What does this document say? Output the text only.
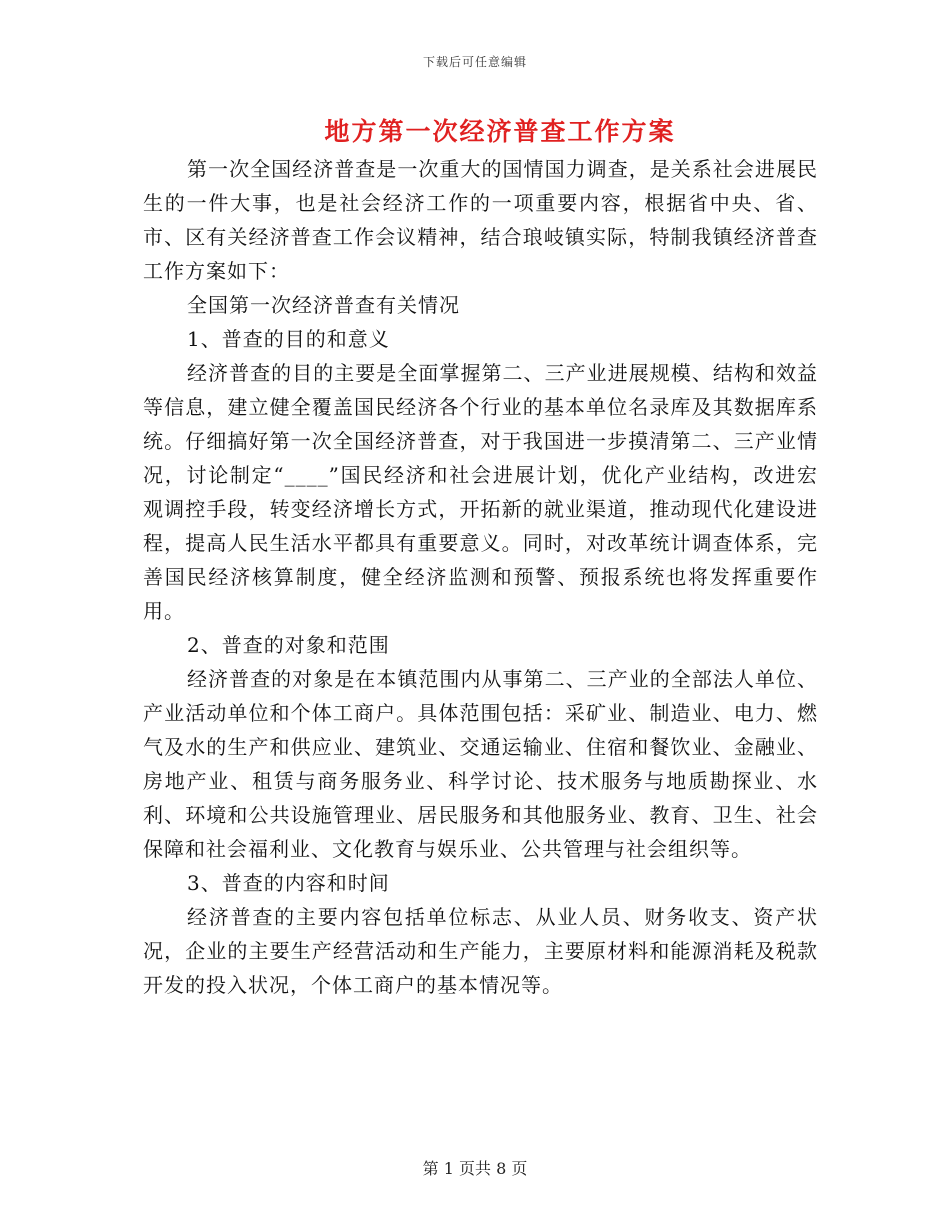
下载后可任意编辑
地方第一次经济普查工作方案

第一次全国经济普查是一次重大的国情国力调查，是关系社会进展民生的一件大事，也是社会经济工作的一项重要内容，根据省中央、省、市、区有关经济普查工作会议精神，结合琅岐镇实际，特制我镇经济普查工作方案如下：

全国第一次经济普查有关情况

1、普查的目的和意义

经济普查的目的主要是全面掌握第二、三产业进展规模、结构和效益等信息，建立健全覆盖国民经济各个行业的基本单位名录库及其数据库系统。仔细搞好第一次全国经济普查，对于我国进一步摸清第二、三产业情况，讨论制定“____”国民经济和社会进展计划，优化产业结构，改进宏观调控手段，转变经济增长方式，开拓新的就业渠道，推动现代化建设进程，提高人民生活水平都具有重要意义。同时，对改革统计调查体系，完善国民经济核算制度，健全经济监测和预警、预报系统也将发挥重要作用。

2、普查的对象和范围

经济普查的对象是在本镇范围内从事第二、三产业的全部法人单位、产业活动单位和个体工商户。具体范围包括：采矿业、制造业、电力、燃气及水的生产和供应业、建筑业、交通运输业、住宿和餐饮业、金融业、房地产业、租赁与商务服务业、科学讨论、技术服务与地质勘探业、水利、环境和公共设施管理业、居民服务和其他服务业、教育、卫生、社会保障和社会福利业、文化教育与娱乐业、公共管理与社会组织等。

3、普查的内容和时间

经济普查的主要内容包括单位标志、从业人员、财务收支、资产状况，企业的主要生产经营活动和生产能力，主要原材料和能源消耗及税款开发的投入状况，个体工商户的基本情况等。

第 1 页共 8 页
